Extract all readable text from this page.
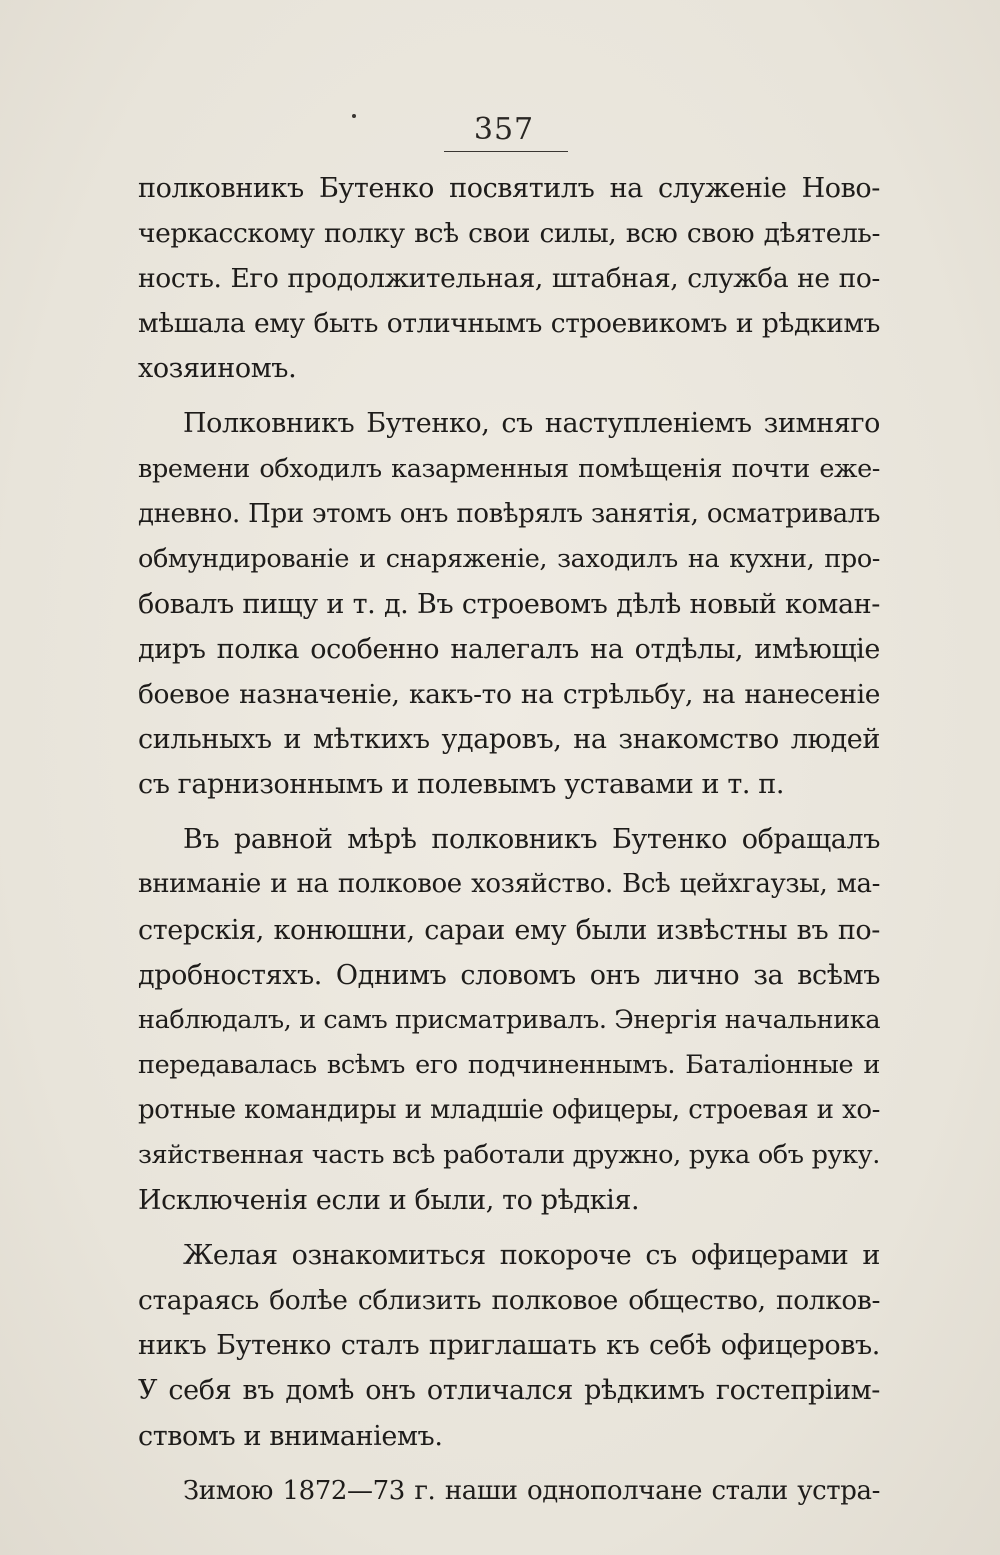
357
полковникъ Бутенко посвятилъ на служеніе Ново-
черкасскому полку всѣ свои силы, всю свою дѣятель-
ность. Его продолжительная, штабная, служба не по-
мѣшала ему быть отличнымъ строевикомъ и рѣдкимъ
хозяиномъ.
Полковникъ Бутенко, съ наступленіемъ зимняго
времени обходилъ казарменныя помѣщенія почти еже-
дневно. При этомъ онъ повѣрялъ занятія, осматривалъ
обмундированіе и снаряженіе, заходилъ на кухни, про-
бовалъ пищу и т. д. Въ строевомъ дѣлѣ новый коман-
диръ полка особенно налегалъ на отдѣлы, имѣющіе
боевое назначеніе, какъ-то на стрѣльбу, на нанесеніе
сильныхъ и мѣткихъ ударовъ, на знакомство людей
съ гарнизоннымъ и полевымъ уставами и т. п.
Въ равной мѣрѣ полковникъ Бутенко обращалъ
вниманіе и на полковое хозяйство. Всѣ цейхгаузы, ма-
стерскія, конюшни, сараи ему были извѣстны въ по-
дробностяхъ. Однимъ словомъ онъ лично за всѣмъ
наблюдалъ, и самъ присматривалъ. Энергія начальника
передавалась всѣмъ его подчиненнымъ. Баталіонные и
ротные командиры и младшіе офицеры, строевая и хо-
зяйственная часть всѣ работали дружно, рука объ руку.
Исключенія если и были, то рѣдкія.
Желая ознакомиться покороче съ офицерами и
стараясь болѣе сблизить полковое общество, полков-
никъ Бутенко сталъ приглашать къ себѣ офицеровъ.
У себя въ домѣ онъ отличался рѣдкимъ гостепріим-
ствомъ и вниманіемъ.
Зимою 1872—73 г. наши однополчане стали устра-
